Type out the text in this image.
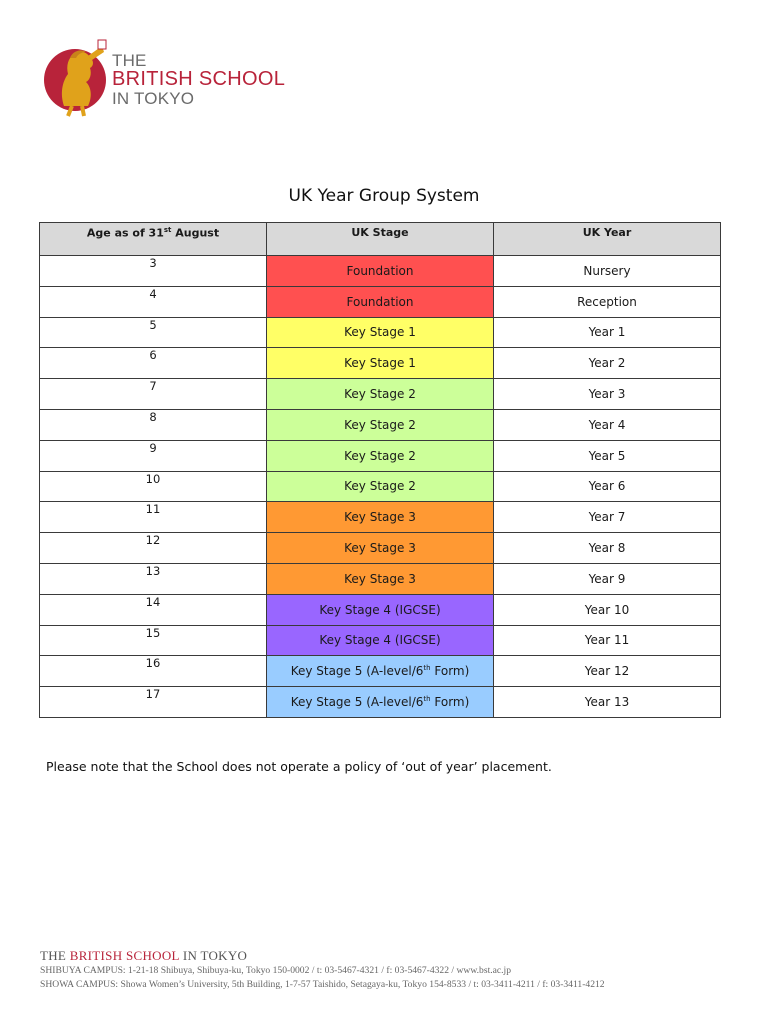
THE
BRITISH SCHOOL
IN TOKYO
UK Year Group System
Age as of 31st August	UK Stage	UK Year
3	Foundation	Nursery
4	Foundation	Reception
5	Key Stage 1	Year 1
6	Key Stage 1	Year 2
7	Key Stage 2	Year 3
8	Key Stage 2	Year 4
9	Key Stage 2	Year 5
10	Key Stage 2	Year 6
11	Key Stage 3	Year 7
12	Key Stage 3	Year 8
13	Key Stage 3	Year 9
14	Key Stage 4 (IGCSE)	Year 10
15	Key Stage 4 (IGCSE)	Year 11
16	Key Stage 5 (A-level/6th Form)	Year 12
17	Key Stage 5 (A-level/6th Form)	Year 13
Please note that the School does not operate a policy of ‘out of year’ placement.
THE BRITISH SCHOOL IN TOKYO
SHIBUYA CAMPUS: 1-21-18 Shibuya, Shibuya-ku, Tokyo 150-0002 / t: 03-5467-4321 / f: 03-5467-4322 / www.bst.ac.jp
SHOWA CAMPUS: Showa Women’s University, 5th Building, 1-7-57 Taishido, Setagaya-ku, Tokyo 154-8533 / t: 03-3411-4211 / f: 03-3411-4212
